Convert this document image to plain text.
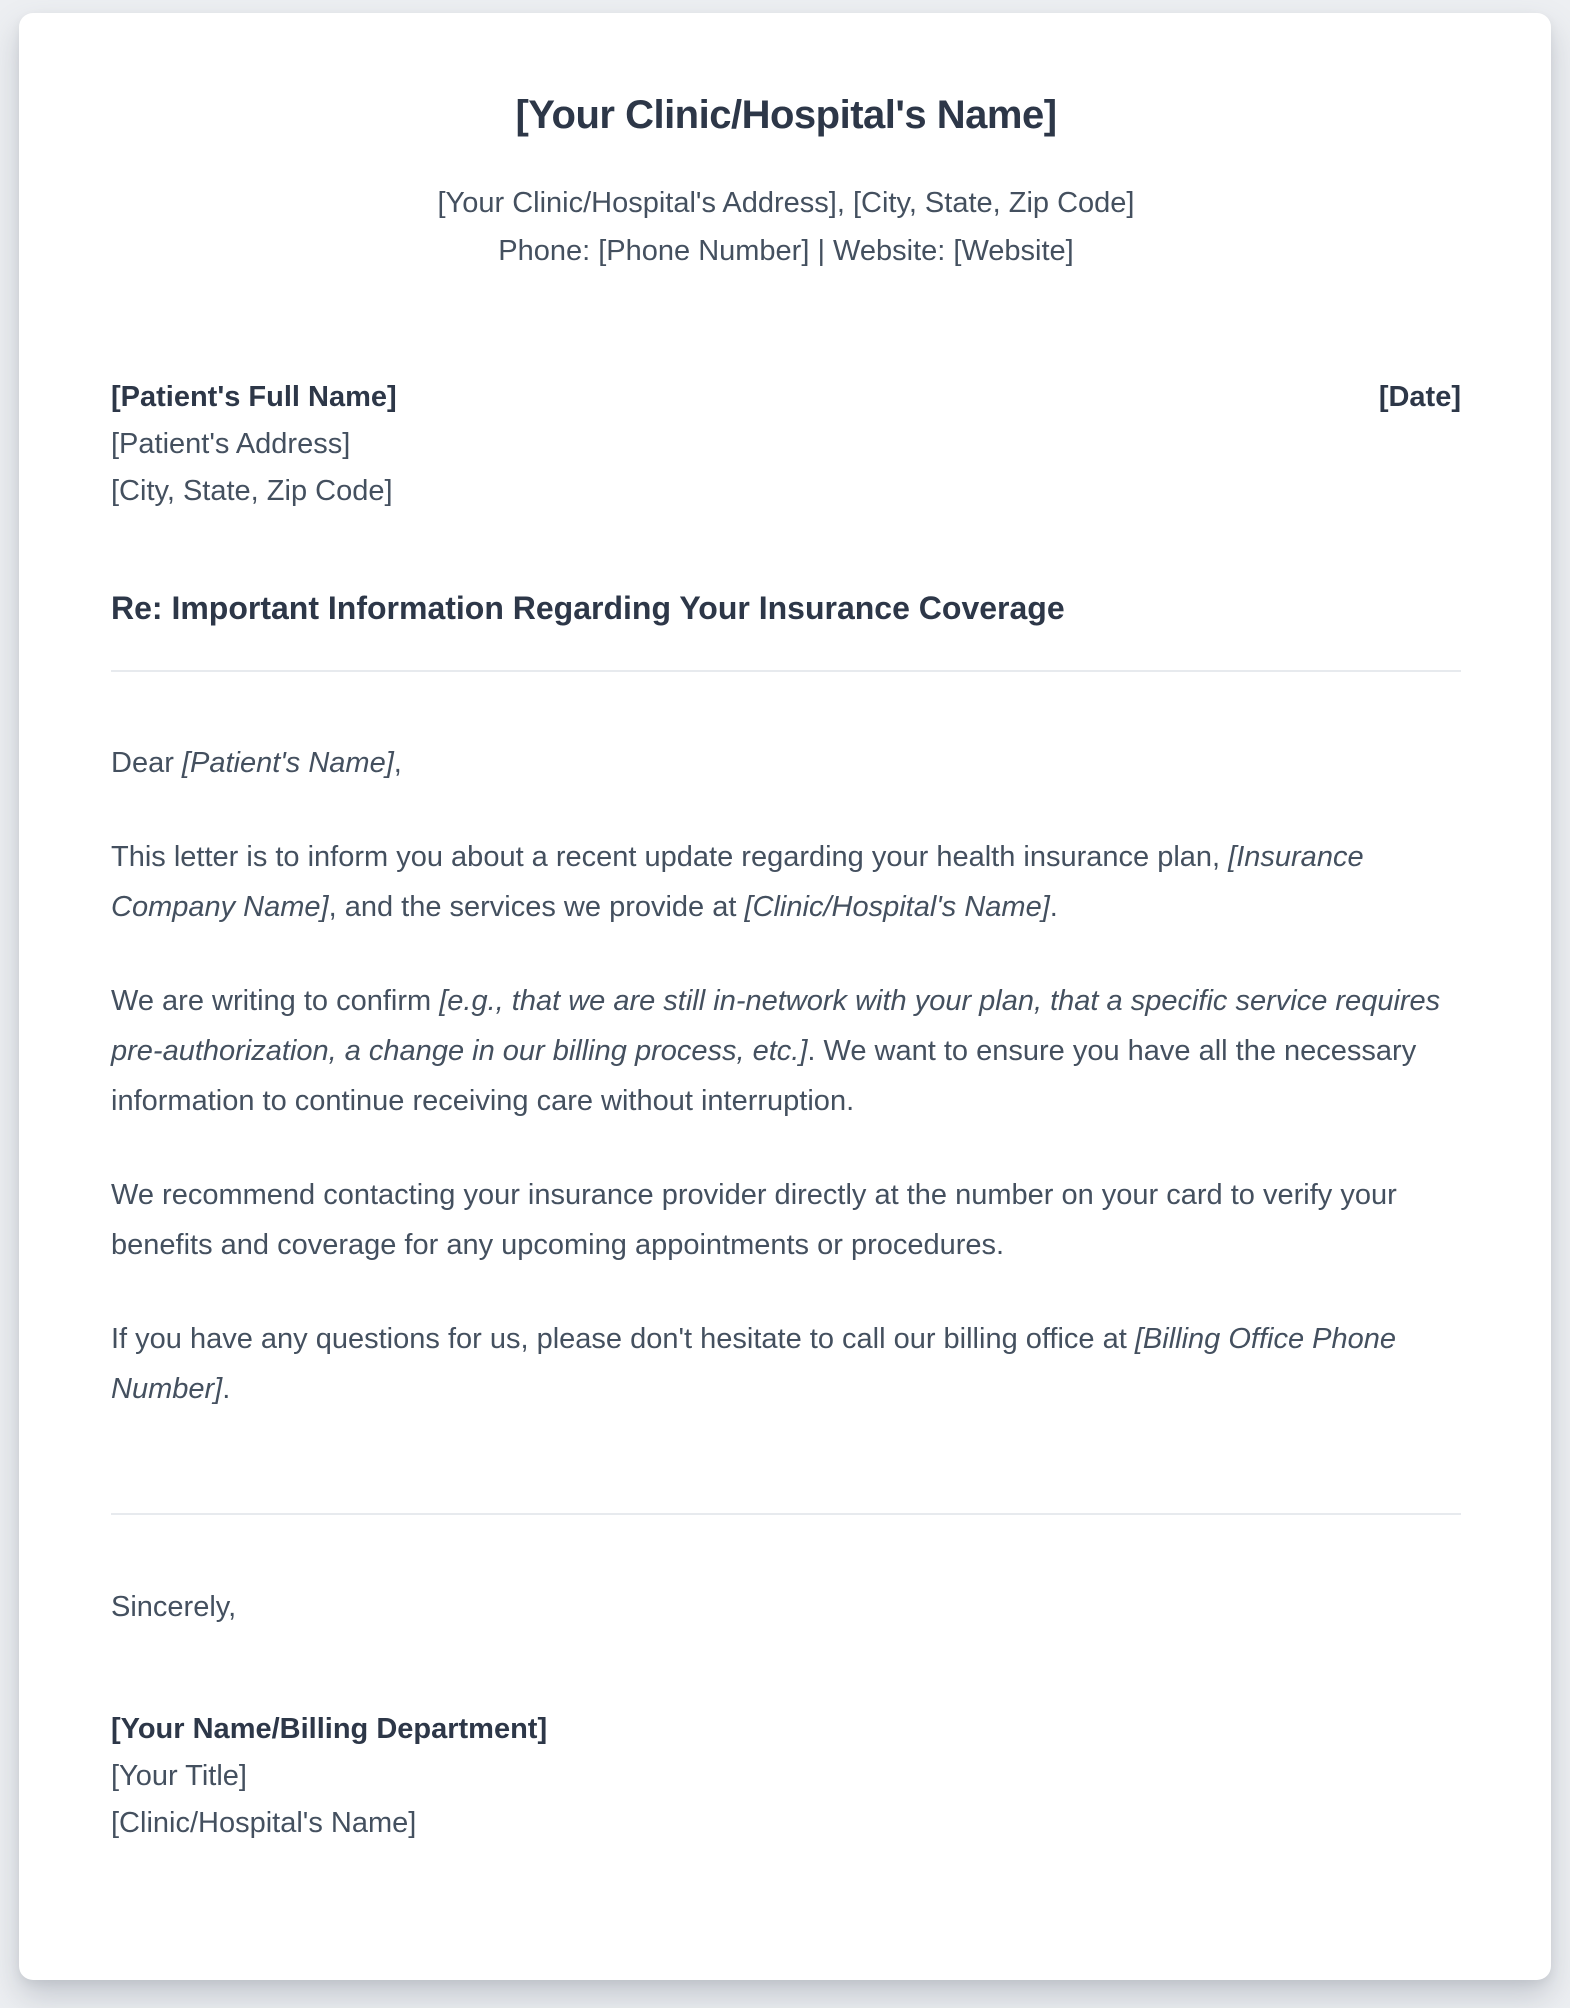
[Your Clinic/Hospital's Name]
[Your Clinic/Hospital's Address], [City, State, Zip Code]
Phone: [Phone Number] | Website: [Website]
[Patient's Full Name]	[Date]
[Patient's Address]
[City, State, Zip Code]
Re: Important Information Regarding Your Insurance Coverage

Dear [Patient's Name],

This letter is to inform you about a recent update regarding your health insurance plan, [Insurance Company Name], and the services we provide at [Clinic/Hospital's Name].

We are writing to confirm [e.g., that we are still in-network with your plan, that a specific service requires pre-authorization, a change in our billing process, etc.]. We want to ensure you have all the necessary information to continue receiving care without interruption.

We recommend contacting your insurance provider directly at the number on your card to verify your benefits and coverage for any upcoming appointments or procedures.

If you have any questions for us, please don't hesitate to call our billing office at [Billing Office Phone Number].

Sincerely,
[Your Name/Billing Department]
[Your Title]
[Clinic/Hospital's Name]
